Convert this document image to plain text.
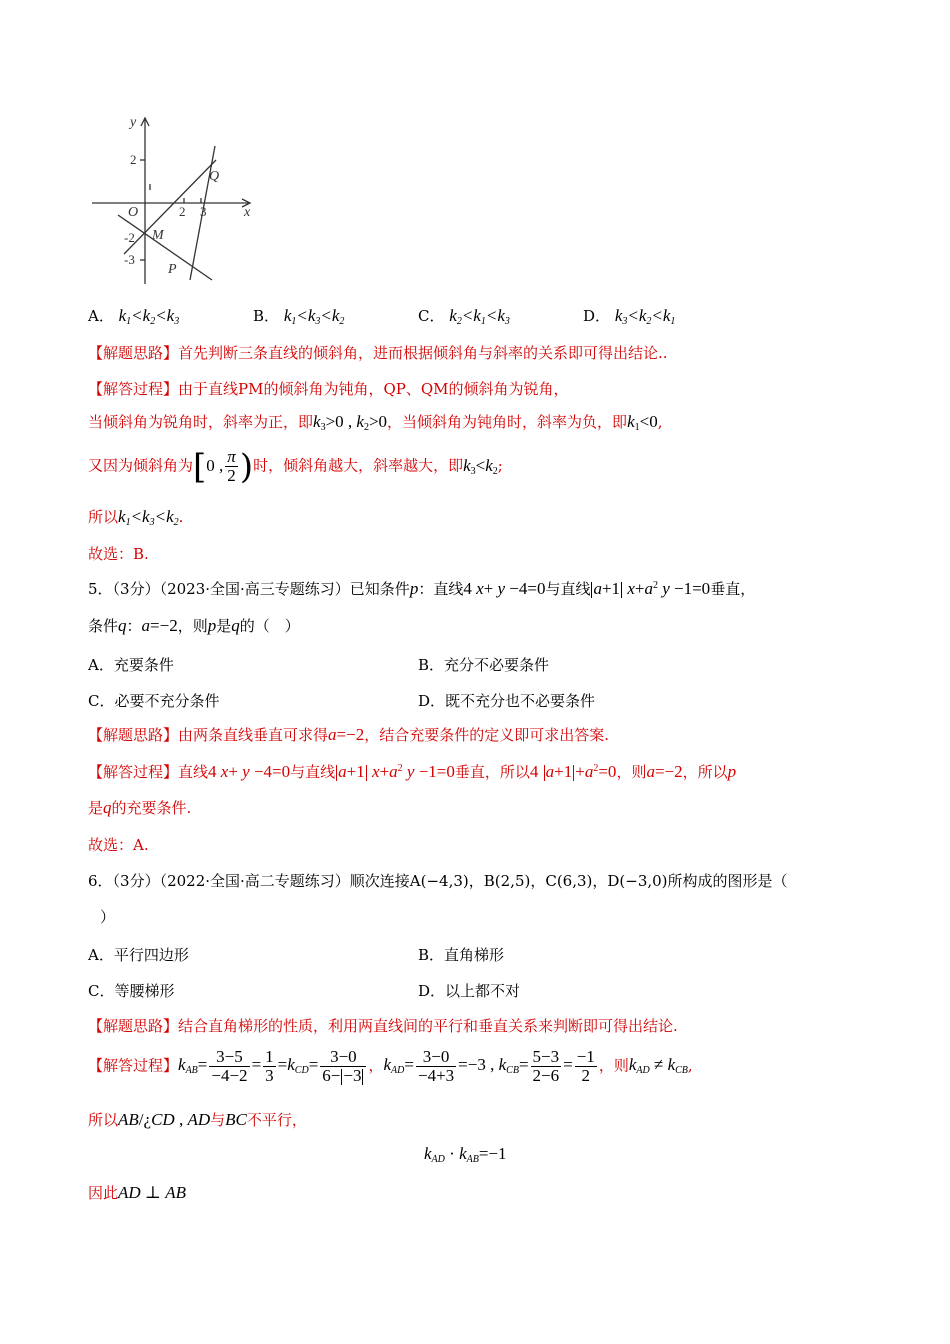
y
x
O
Q
M
P
2 3
2
-2
-3
A． $k_1<k_2<k_3$	B． $k_1<k_3<k_2$	C． $k_2<k_1<k_3$	D． $k_3<k_2<k_1$
【解题思路】首先判断三条直线的倾斜角，进而根据倾斜角与斜率的关系即可得出结论..
【解答过程】由于直线PM的倾斜角为钝角，QP、QM的倾斜角为锐角，
当倾斜角为锐角时，斜率为正，即$k_3>0$ , $k_2>0$，当倾斜角为钝角时，斜率为负，即$k_1<0$,
又因为倾斜角为[0 , $\frac{\pi}{2}$ )时，倾斜角越大，斜率越大，即$k_3<k_2$;
所以$k_1<k_3<k_2$.
故选：B.
5．（3分）（2023·全国·高三专题练习）已知条件p：直线4 x+ y −4=0与直线 a+1 $x+a^2$ y −1=0垂直，
条件q：a=−2，则p是q的（　）
A．充要条件	B．充分不必要条件
C．必要不充分条件	D．既不充分也不必要条件
【解题思路】由两条直线垂直可求得a=−2，结合充要条件的定义即可求出答案.
【解答过程】直线4 x+ y −4=0与直线 a+1 $x+a^2$ y −1=0垂直，所以4 $a+1 +a^2=0$，则a=−2，所以p
是q的充要条件.
故选：A.
6．（3分）（2022·全国·高二专题练习）顺次连接A(−4,3)，B(2,5)，C(6,3)，D(−3,0)所构成的图形是（
）
A．平行四边形	B．直角梯形
C．等腰梯形	D．以上都不对
【解题思路】结合直角梯形的性质，利用两直线间的平行和垂直关系来判断即可得出结论.
【解答过程】$k_{AB}= \frac{3-5}{-4-2} = \frac{1}{3} =k_{CD}= \frac{3-0}{6- -3}$ ，$k_{AD}= \frac{3-0}{-4+3} =-3$ , $k_{CB}= \frac{5-3}{2-6} = \frac{-1}{2}$ ，则$k_{AD} \ne k_{CB}$,
所以AB/¿CD , AD与BC不平行，
$k_{AD} \cdot k_{AB}=-1$
因此AD ⊥ AB
